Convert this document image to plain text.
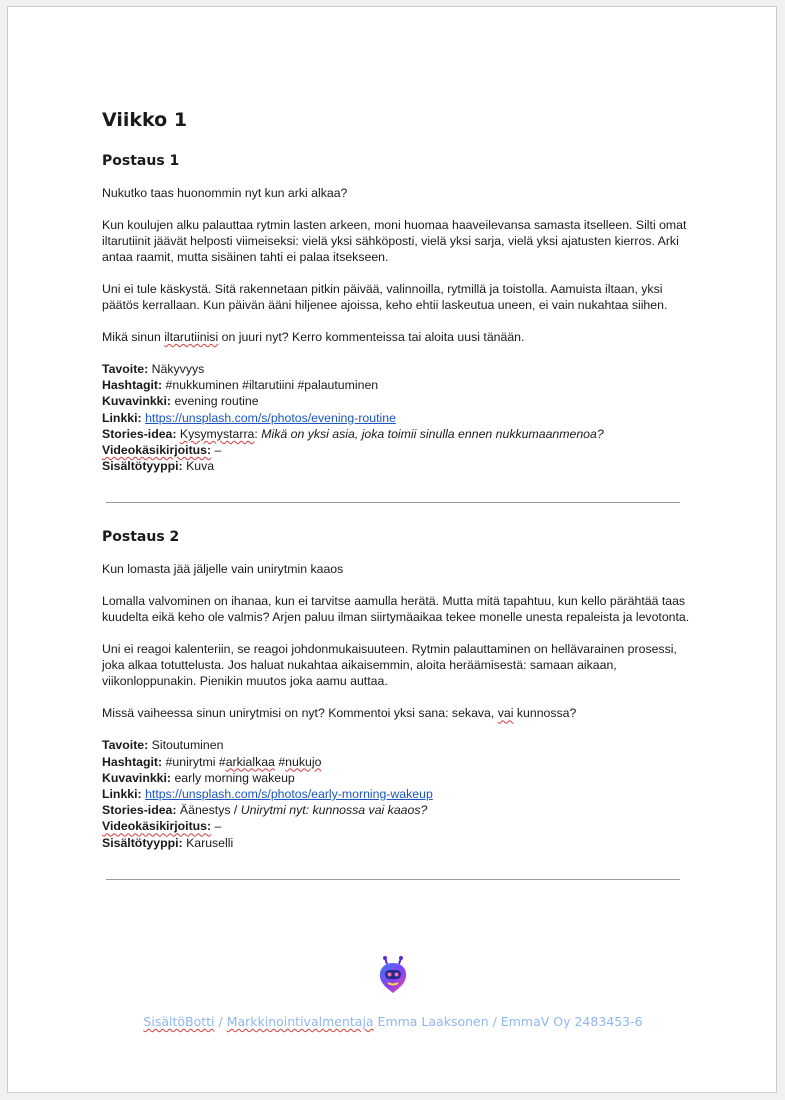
Viikko 1
Postaus 1

Nukutko taas huonommin nyt kun arki alkaa?

Kun koulujen alku palauttaa rytmin lasten arkeen, moni huomaa haaveilevansa samasta itselleen. Silti omat iltarutiinit jäävät helposti viimeiseksi: vielä yksi sähköposti, vielä yksi sarja, vielä yksi ajatusten kierros. Arki antaa raamit, mutta sisäinen tahti ei palaa itsekseen.

Uni ei tule käskystä. Sitä rakennetaan pitkin päivää, valinnoilla, rytmillä ja toistolla. Aamuista iltaan, yksi päätös kerrallaan. Kun päivän ääni hiljenee ajoissa, keho ehtii laskeutua uneen, ei vain nukahtaa siihen.

Mikä sinun iltarutiinisi on juuri nyt? Kerro kommenteissa tai aloita uusi tänään.

Tavoite: Näkyvyys
Hashtagit: #nukkuminen #iltarutiini #palautuminen
Kuvavinkki: evening routine
Linkki: https://unsplash.com/s/photos/evening-routine
Stories-idea: Kysymystarra: Mikä on yksi asia, joka toimii sinulla ennen nukkumaanmenoa?
Videokäsikirjoitus: –
Sisältötyyppi: Kuva
Postaus 2

Kun lomasta jää jäljelle vain unirytmin kaaos

Lomalla valvominen on ihanaa, kun ei tarvitse aamulla herätä. Mutta mitä tapahtuu, kun kello pärähtää taas kuudelta eikä keho ole valmis? Arjen paluu ilman siirtymäaikaa tekee monelle unesta repaleista ja levotonta.

Uni ei reagoi kalenteriin, se reagoi johdonmukaisuuteen. Rytmin palauttaminen on hellävarainen prosessi, joka alkaa totuttelusta. Jos haluat nukahtaa aikaisemmin, aloita heräämisestä: samaan aikaan, viikonloppunakin. Pienikin muutos joka aamu auttaa.

Missä vaiheessa sinun unirytmisi on nyt? Kommentoi yksi sana: sekava, vai kunnossa?

Tavoite: Sitoutuminen
Hashtagit: #unirytmi #arkialkaa #nukujo
Kuvavinkki: early morning wakeup
Linkki: https://unsplash.com/s/photos/early-morning-wakeup
Stories-idea: Äänestys / Unirytmi nyt: kunnossa vai kaaos?
Videokäsikirjoitus: –
Sisältötyyppi: Karuselli
SisältöBotti / Markkinointivalmentaja Emma Laaksonen / EmmaV Oy 2483453-6
